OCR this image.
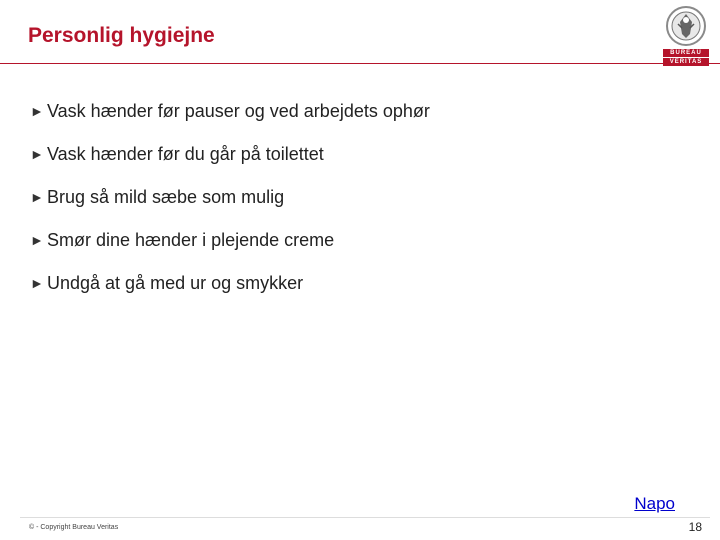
Personlig hygiejne
BUREAU
VERITAS
► Vask hænder før pauser og ved arbejdets ophør
► Vask hænder før du går på toilettet
► Brug så mild sæbe som mulig
► Smør dine hænder i plejende creme
► Undgå at gå med ur og smykker
Napo
© - Copyright Bureau Veritas	18
